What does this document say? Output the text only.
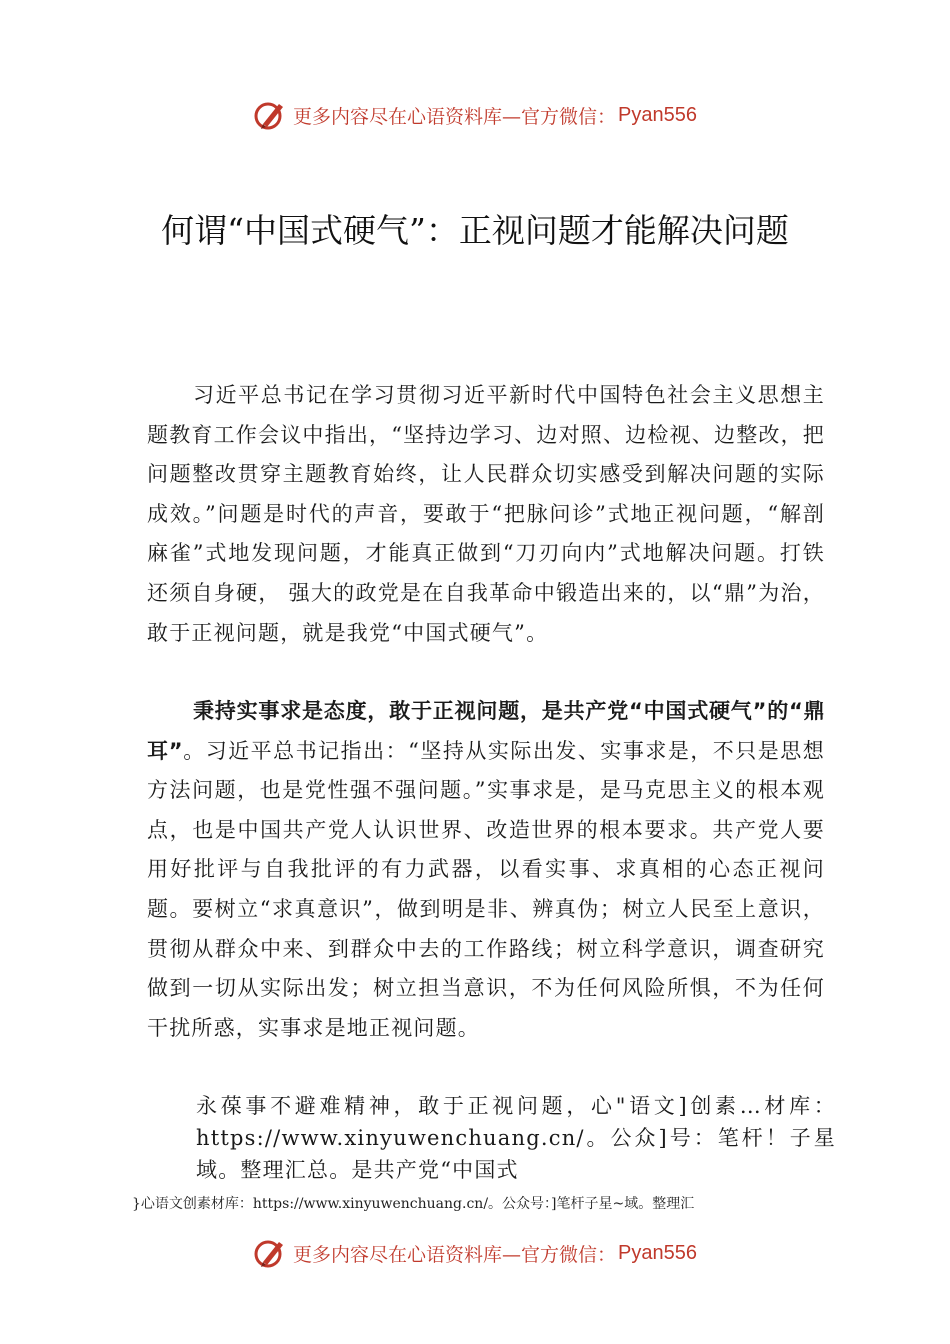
更多内容尽在心语资料库—官方微信： Pyan556
何谓“中国式硬气”：正视问题才能解决问题

习近平总书记在学习贯彻习近平新时代中国特色社会主义思想主题教育工作会议中指出，“坚持边学习、边对照、边检视、边整改，把问题整改贯穿主题教育始终，让人民群众切实感受到解决问题的实际成效。”问题是时代的声音，要敢于“把脉问诊”式地正视问题，“解剖麻雀”式地发现问题，才能真正做到“刀刃向内”式地解决问题。打铁还须自身硬， 强大的政党是在自我革命中锻造出来的，以“鼎”为治，敢于正视问题，就是我党“中国式硬气”。

秉持实事求是态度，敢于正视问题，是共产党“中国式硬气”的“鼎耳”。习近平总书记指出：“坚持从实际出发、实事求是，不只是思想方法问题，也是党性强不强问题。”实事求是，是马克思主义的根本观点，也是中国共产党人认识世界、改造世界的根本要求。共产党人要用好批评与自我批评的有力武器，以看实事、求真相的心态正视问题。要树立“求真意识”，做到明是非、辨真伪；树立人民至上意识，贯彻从群众中来、到群众中去的工作路线；树立科学意识，调查研究做到一切从实际出发；树立担当意识，不为任何风险所惧，不为任何干扰所惑，实事求是地正视问题。

永葆事不避难精神，敢于正视问题，心"语文]创素…材库：https://www.xinyuwenchuang.cn/。公众]号：笔杆！子星域。整理汇总。是共产党“中国式

}心语文创素材库：https://www.xinyuwenchuang.cn/。公众号：]笔杆子星~域。整理汇
更多内容尽在心语资料库—官方微信： Pyan556
